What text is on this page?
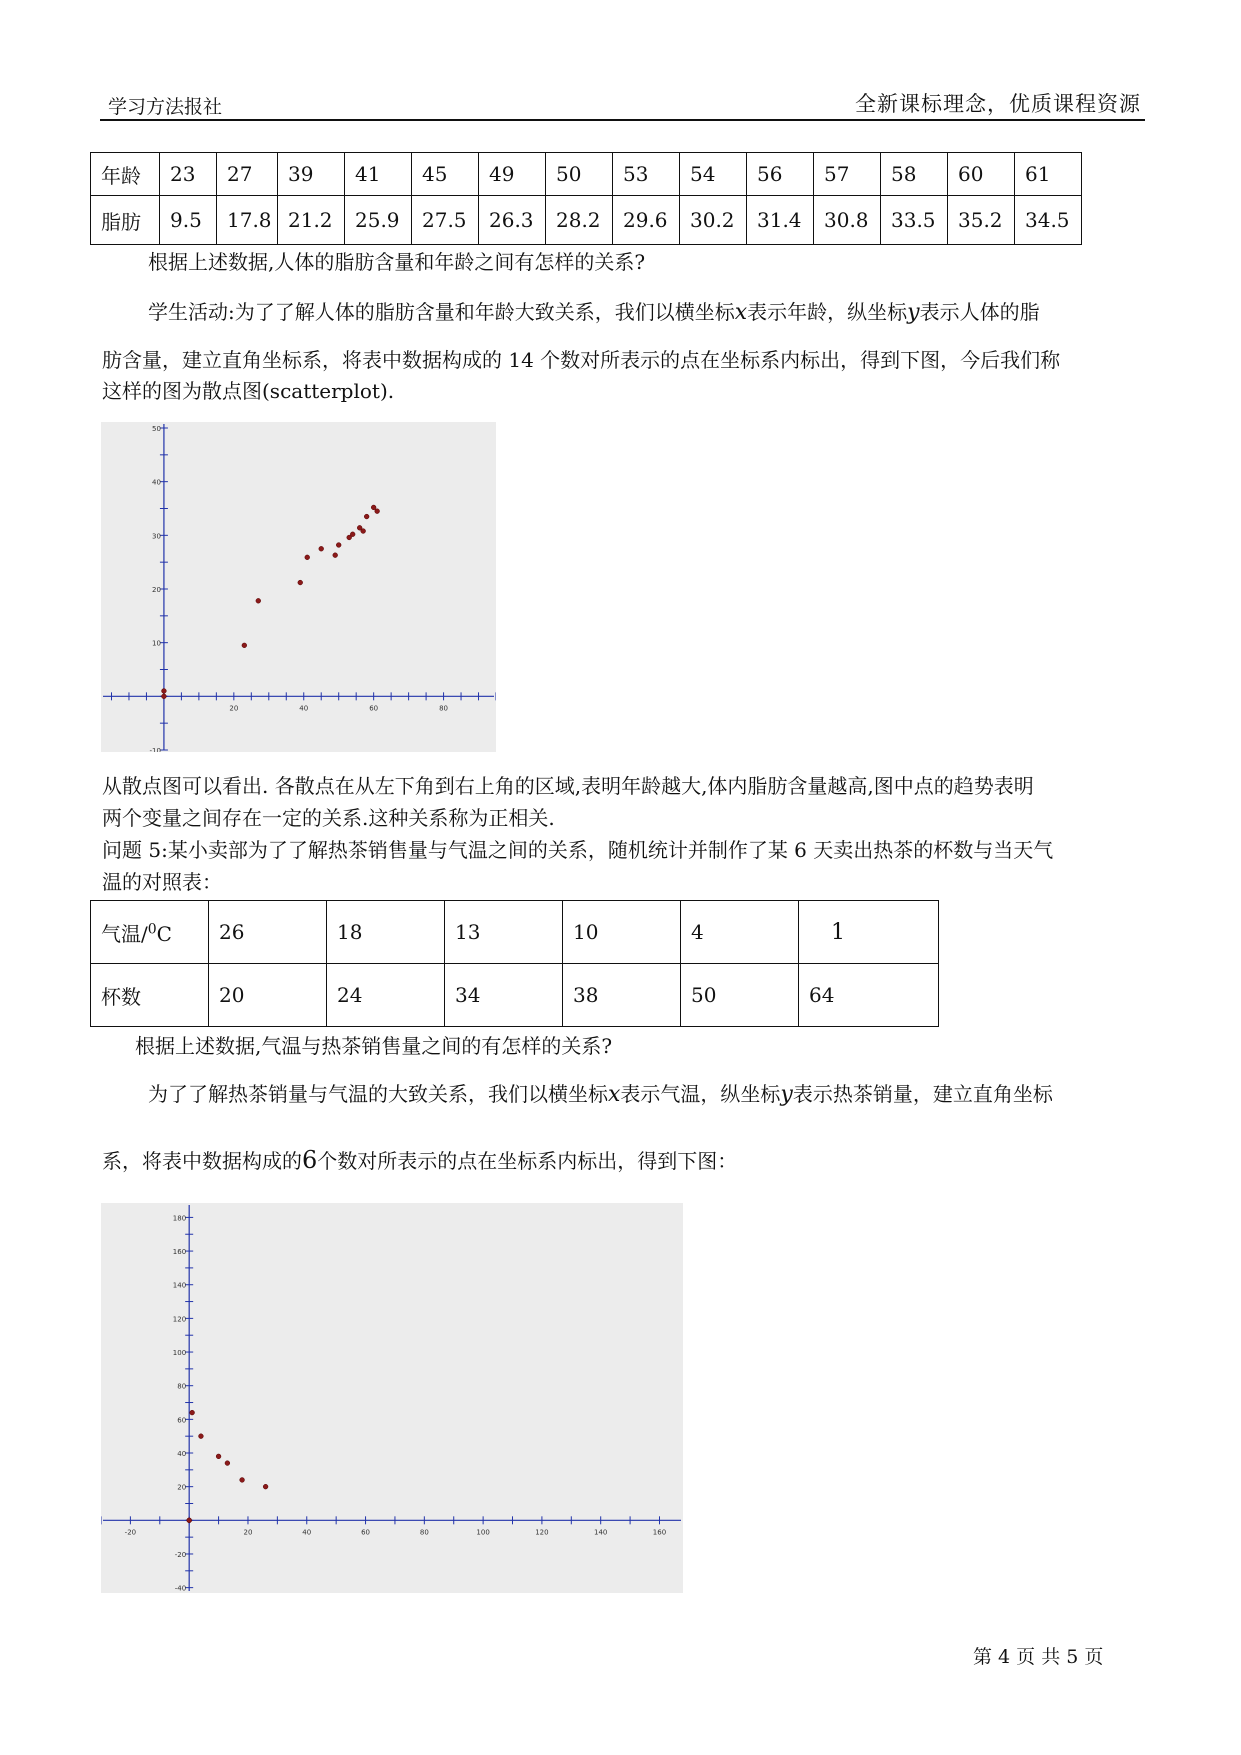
学习方法报社	全新课标理念，优质课程资源
年龄	23	27	39	41	45	49	50	53	54	56	57	58	60	61
脂肪	9.5	17.8	21.2	25.9	27.5	26.3	28.2	29.6	30.2	31.4	30.8	33.5	35.2	34.5
根据上述数据,人体的脂肪含量和年龄之间有怎样的关系?
学生活动:为了了解人体的脂肪含量和年龄大致关系，我们以横坐标x表示年龄，纵坐标y表示人体的脂
肪含量，建立直角坐标系，将表中数据构成的 14 个数对所表示的点在坐标系内标出，得到下图，今后我们称
这样的图为散点图(scatterplot).
20	40	60	80
50
40
30
20
10
-10
从散点图可以看出. 各散点在从左下角到右上角的区域,表明年龄越大,体内脂肪含量越高,图中点的趋势表明
两个变量之间存在一定的关系.这种关系称为正相关.
问题 5:某小卖部为了了解热茶销售量与气温之间的关系，随机统计并制作了某 6 天卖出热茶的杯数与当天气
温的对照表：
气温/$^0$C	26	18	13	10	4	1
杯数	20	24	34	38	50	64
根据上述数据,气温与热茶销售量之间的有怎样的关系?
为了了解热茶销量与气温的大致关系，我们以横坐标x表示气温，纵坐标y表示热茶销量，建立直角坐标
系，将表中数据构成的6个数对所表示的点在坐标系内标出，得到下图：
-20	20	40	60	80	100	120	140	160
180
160
140
120
100
80
60
40
20
-20
-40
第 4 页 共 5 页
